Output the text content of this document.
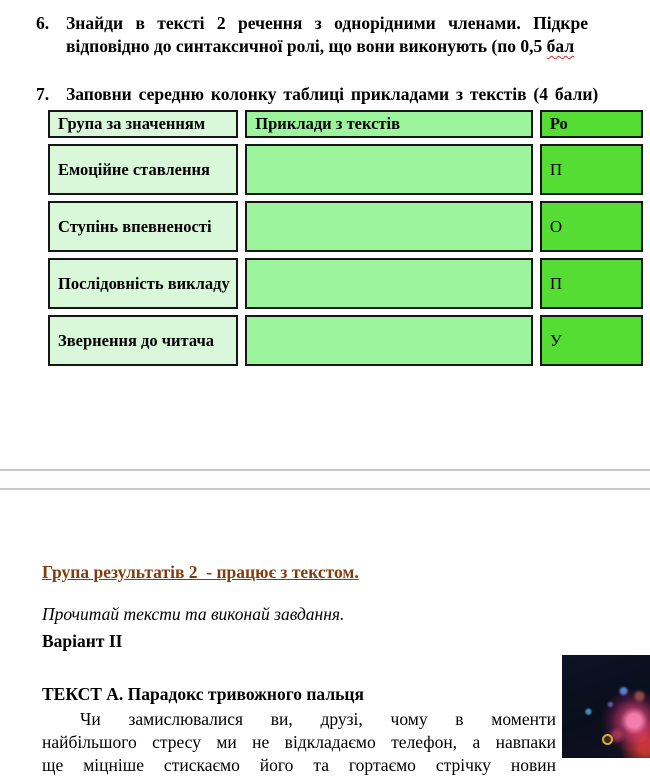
6. Знайди в тексті 2 речення з однорідними членами. Підкре
відповідно до синтаксичної ролі, що вони виконують (по 0,5 бал
7. Заповни середню колонку таблиці прикладами з текстів (4 бали)
Група за значенням	Приклади з текстів	Ро
Емоційне ставлення		П
Ступінь впевненості		О
Послідовність викладу		П
Звернення до читача		У
Група результатів 2  - працює з текстом.
Прочитай тексти та виконай завдання.
Варіант II
ТЕКСТ А. Парадокс тривожного пальця
Чи замислювалися ви, друзі, чому в моменти
найбільшого стресу ми не відкладаємо телефон, а навпаки
ще міцніше стискаємо його та гортаємо стрічку новин
